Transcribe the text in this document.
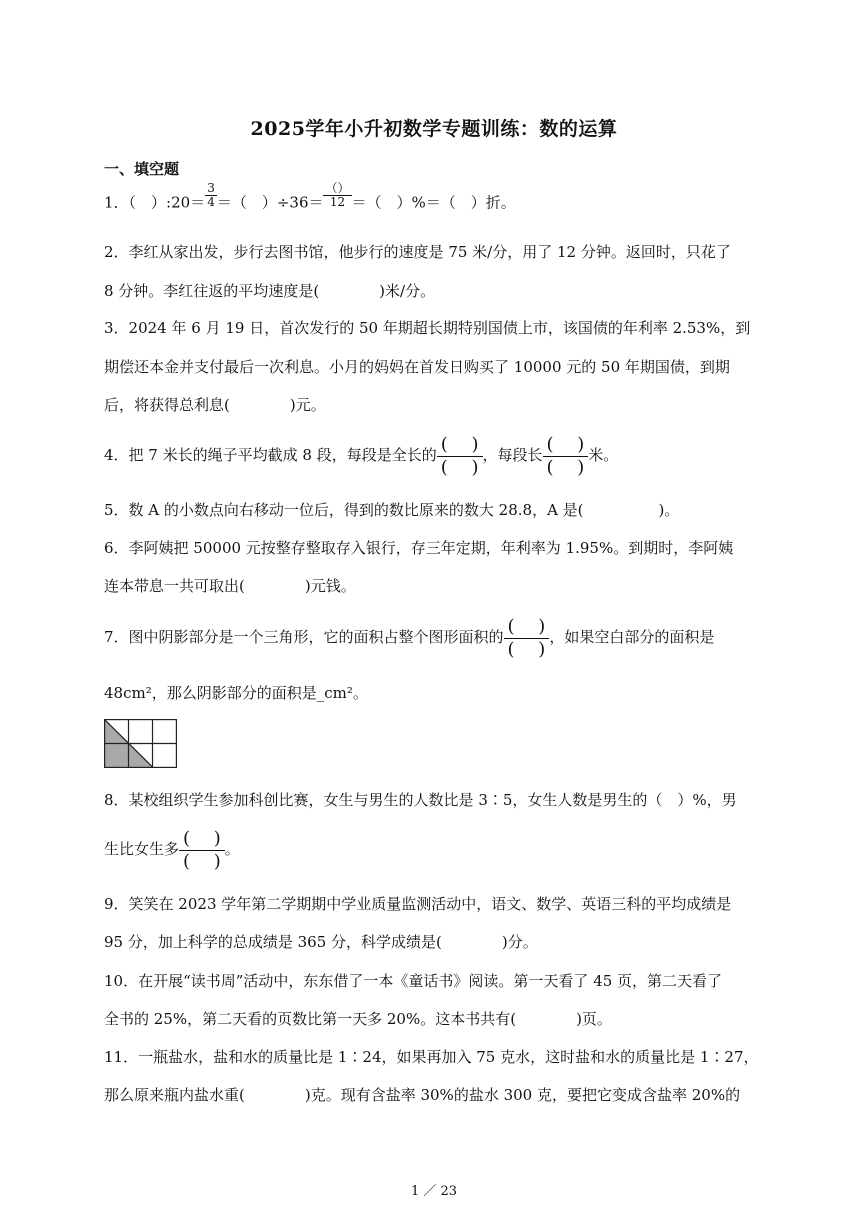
2025学年小升初数学专题训练：数的运算
一、填空题
1．（　）:20＝ $\frac{3}{4}$ ＝（　）$\div 36= \frac{()}{12}$ ＝（　）%＝（　）折。
2．李红从家出发，步行去图书馆，他步行的速度是 75 米/分，用了 12 分钟。返回时，只花了
8 分钟。李红往返的平均速度是(　　　　)米/分。
3．2024 年 6 月 19 日，首次发行的 50 年期超长期特别国债上市，该国债的年利率 2.53%，到
期偿还本金并支付最后一次利息。小月的妈妈在首发日购买了 10000 元的 50 年期国债，到期
后，将获得总利息(　　　　)元。
4．把 7 米长的绳子平均截成 8 段，每段是全长的 $\frac{( )}{( )}$ ，每段长 $\frac{( )}{( )}$ 米。
5．数 A 的小数点向右移动一位后，得到的数比原来的数大 28.8，A 是(　　　　　)。
6．李阿姨把 50000 元按整存整取存入银行，存三年定期，年利率为 1.95%。到期时，李阿姨
连本带息一共可取出(　　　　)元钱。
7．图中阴影部分是一个三角形，它的面积占整个图形面积的 $\frac{( )}{( )}$ ，如果空白部分的面积是
48cm²，那么阴影部分的面积是_cm²。
8．某校组织学生参加科创比赛，女生与男生的人数比是 3∶5，女生人数是男生的（　）%，男
生比女生多 $\frac{( )}{( )}$ 。
9．笑笑在 2023 学年第二学期期中学业质量监测活动中，语文、数学、英语三科的平均成绩是
95 分，加上科学的总成绩是 365 分，科学成绩是(　　　　)分。
10．在开展“读书周”活动中，东东借了一本《童话书》阅读。第一天看了 45 页，第二天看了
全书的 25%，第二天看的页数比第一天多 20%。这本书共有(　　　　)页。
11．一瓶盐水，盐和水的质量比是 1∶24，如果再加入 75 克水，这时盐和水的质量比是 1∶27，
那么原来瓶内盐水重(　　　　)克。现有含盐率 30%的盐水 300 克，要把它变成含盐率 20%的
1 ／ 23
